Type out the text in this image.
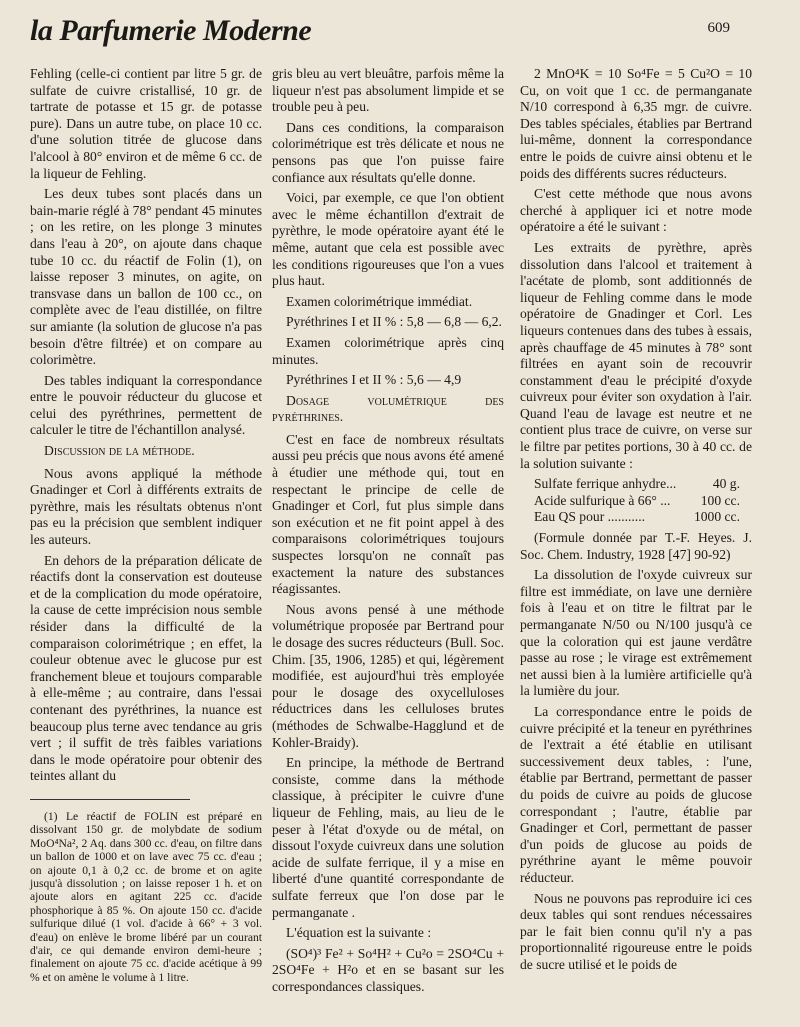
la Parfumerie Moderne	609

Fehling (celle-ci contient par litre 5 gr. de sulfate de cuivre cristallisé, 10 gr. de tartrate de potasse et 15 gr. de potasse pure). Dans un autre tube, on place 10 cc. d'une solution titrée de glucose dans l'alcool à 80° environ et de même 6 cc. de la liqueur de Fehling.

Les deux tubes sont placés dans un bain-marie réglé à 78° pendant 45 minutes ; on les retire, on les plonge 3 minutes dans l'eau à 20°, on ajoute dans chaque tube 10 cc. du réactif de Folin (1), on laisse reposer 3 minutes, on agite, on transvase dans un ballon de 100 cc., on complète avec de l'eau distillée, on filtre sur amiante (la solution de glucose n'a pas besoin d'être filtrée) et on compare au colorimètre.

Des tables indiquant la correspondance entre le pouvoir réducteur du glucose et celui des pyréthrines, permettent de calculer le titre de l'échantillon analysé.

Discussion de la méthode.

Nous avons appliqué la méthode Gnadinger et Corl à différents extraits de pyrèthre, mais les résultats obtenus n'ont pas eu la précision que semblent indiquer les auteurs.

En dehors de la préparation délicate de réactifs dont la conservation est douteuse et de la complication du mode opératoire, la cause de cette imprécision nous semble résider dans la difficulté de la comparaison colorimétrique ; en effet, la couleur obtenue avec le glucose pur est franchement bleue et toujours comparable à elle-même ; au contraire, dans l'essai contenant des pyréthrines, la nuance est beaucoup plus terne avec tendance au gris vert ; il suffit de très faibles variations dans le mode opératoire pour obtenir des teintes allant du

(1) Le réactif de FOLIN est préparé en dissolvant 150 gr. de molybdate de sodium MoO⁴Na², 2 Aq. dans 300 cc. d'eau, on filtre dans un ballon de 1000 et on lave avec 75 cc. d'eau ; on ajoute 0,1 à 0,2 cc. de brome et on agite jusqu'à dissolution ; on laisse reposer 1 h. et on ajoute alors en agitant 225 cc. d'acide phosphorique à 85 %. On ajoute 150 cc. d'acide sulfurique dilué (1 vol. d'acide à 66° + 3 vol. d'eau) on enlève le brome libéré par un courant d'air, ce qui demande environ demi-heure ; finalement on ajoute 75 cc. d'acide acétique à 99 % et on amène le volume à 1 litre.

gris bleu au vert bleuâtre, parfois même la liqueur n'est pas absolument limpide et se trouble peu à peu.

Dans ces conditions, la comparaison colorimétrique est très délicate et nous ne pensons pas que l'on puisse faire confiance aux résultats qu'elle donne.

Voici, par exemple, ce que l'on obtient avec le même échantillon d'extrait de pyrèthre, le mode opératoire ayant été le même, autant que cela est possible avec les conditions rigoureuses que l'on a vues plus haut.

Examen colorimétrique immédiat.

Pyréthrines I et II % : 5,8 — 6,8 — 6,2.

Examen colorimétrique après cinq minutes.

Pyréthrines I et II % : 5,6 — 4,9

Dosage volumétrique des pyréthrines.

C'est en face de nombreux résultats aussi peu précis que nous avons été amené à étudier une méthode qui, tout en respectant le principe de celle de Gnadinger et Corl, fut plus simple dans son exécution et ne fit point appel à des comparaisons colorimétriques toujours suspectes lorsqu'on ne connaît pas exactement la nature des substances réagissantes.

Nous avons pensé à une méthode volumétrique proposée par Bertrand pour le dosage des sucres réducteurs (Bull. Soc. Chim. [35, 1906, 1285) et qui, légèrement modifiée, est aujourd'hui très employée pour le dosage des oxycelluloses réductrices dans les celluloses brutes (méthodes de Schwalbe-Hagglund et de Kohler-Braidy).

En principe, la méthode de Bertrand consiste, comme dans la méthode classique, à précipiter le cuivre d'une liqueur de Fehling, mais, au lieu de le peser à l'état d'oxyde ou de métal, on dissout l'oxyde cuivreux dans une solution acide de sulfate ferrique, il y a mise en liberté d'une quantité correspondante de sulfate ferreux que l'on dose par le permanganate .

L'équation est la suivante :

(SO⁴)³ Fe² + So⁴H² + Cu²o = 2SO⁴Cu + 2SO⁴Fe + H²o et en se basant sur les correspondances classiques.

2 MnO⁴K = 10 So⁴Fe = 5 Cu²O = 10 Cu, on voit que 1 cc. de permanganate N/10 correspond à 6,35 mgr. de cuivre. Des tables spéciales, établies par Bertrand lui-même, donnent la correspondance entre le poids de cuivre ainsi obtenu et le poids des différents sucres réducteurs.

C'est cette méthode que nous avons cherché à appliquer ici et notre mode opératoire a été le suivant :

Les extraits de pyrèthre, après dissolution dans l'alcool et traitement à l'acétate de plomb, sont additionnés de liqueur de Fehling comme dans le mode opératoire de Gnadinger et Corl. Les liqueurs contenues dans des tubes à essais, après chauffage de 45 minutes à 78° sont filtrées en ayant soin de recouvrir constamment d'eau le précipité d'oxyde cuivreux pour éviter son oxydation à l'air. Quand l'eau de lavage est neutre et ne contient plus trace de cuivre, on verse sur le filtre par petites portions, 30 à 40 cc. de la solution suivante :

Sulfate ferrique anhydre...	40 g.
Acide sulfurique à 66° ...	100 cc.
Eau QS pour ...........	1000 cc.

(Formule donnée par T.-F. Heyes. J. Soc. Chem. Industry, 1928 [47] 90-92)

La dissolution de l'oxyde cuivreux sur filtre est immédiate, on lave une dernière fois à l'eau et on titre le filtrat par le permanganate N/50 ou N/100 jusqu'à ce que la coloration qui est jaune verdâtre passe au rose ; le virage est extrêmement net aussi bien à la lumière artificielle qu'à la lumière du jour.

La correspondance entre le poids de cuivre précipité et la teneur en pyréthrines de l'extrait a été établie en utilisant successivement deux tables, : l'une, établie par Bertrand, permettant de passer du poids de cuivre au poids de glucose correspondant ; l'autre, établie par Gnadinger et Corl, permettant de passer d'un poids de glucose au poids de pyréthrine ayant le même pouvoir réducteur.

Nous ne pouvons pas reproduire ici ces deux tables qui sont rendues nécessaires par le fait bien connu qu'il n'y a pas proportionnalité rigoureuse entre le poids de sucre utilisé et le poids de
